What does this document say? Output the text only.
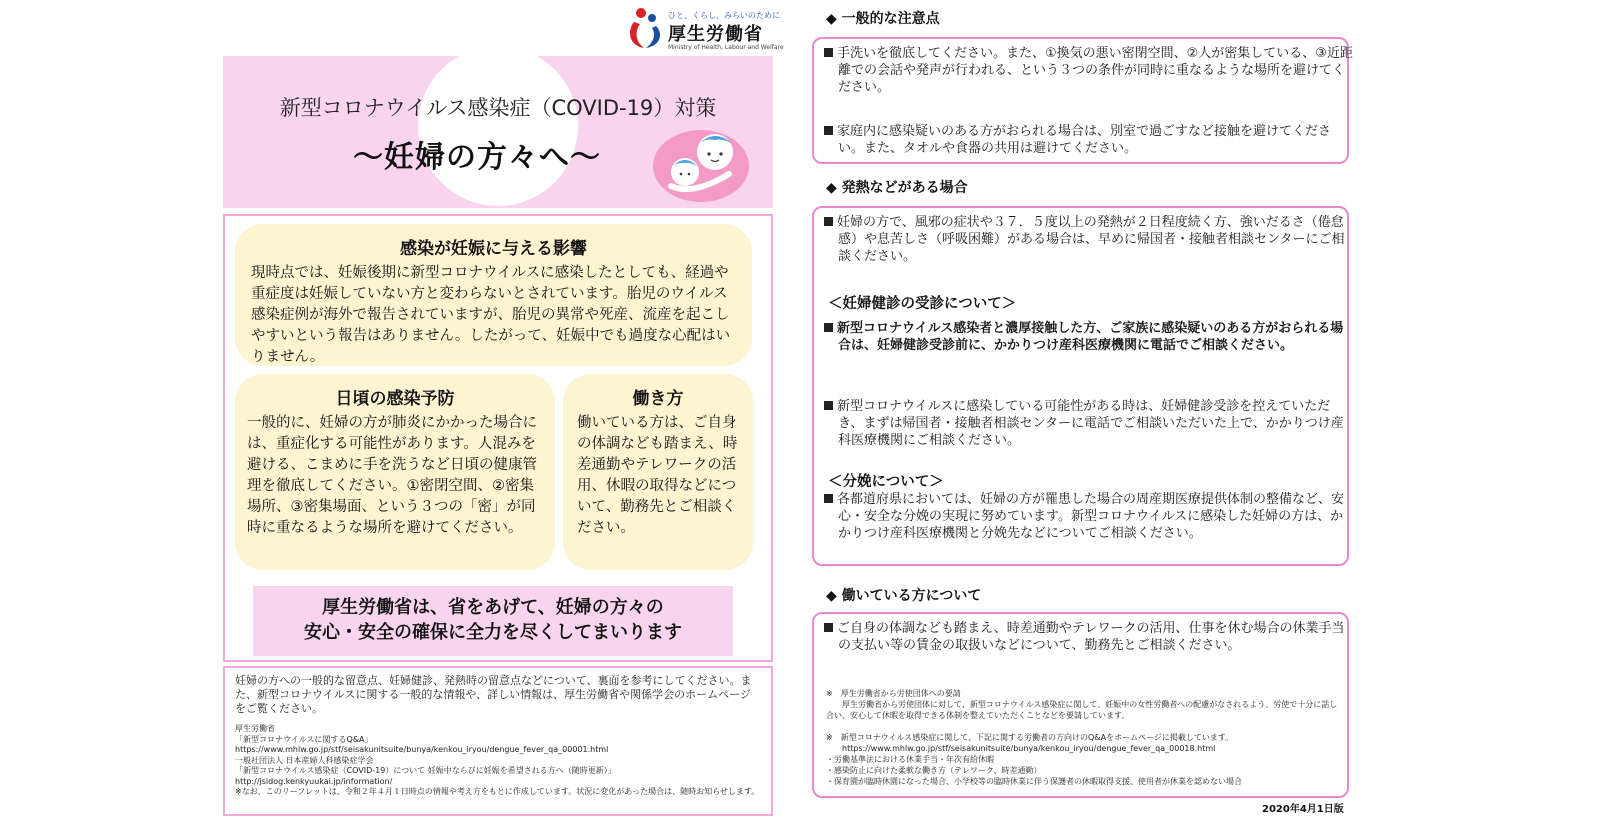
ひと、くらし、みらいのために
厚生労働省
Ministry of Health, Labour and Welfare
新型コロナウイルス感染症（COVID-19）対策
～妊婦の方々へ～
感染が妊娠に与える影響
現時点では、妊娠後期に新型コロナウイルスに感染したとしても、経過や重症度は妊娠していない方と変わらないとされています。胎児のウイルス感染症例が海外で報告されていますが、胎児の異常や死産、流産を起こしやすいという報告はありません。したがって、妊娠中でも過度な心配はいりません。
日頃の感染予防
一般的に、妊婦の方が肺炎にかかった場合には、重症化する可能性があります。人混みを避ける、こまめに手を洗うなど日頃の健康管理を徹底してください。①密閉空間、②密集場所、③密集場面、という３つの「密」が同時に重なるような場所を避けてください。
働き方
働いている方は、ご自身の体調なども踏まえ、時差通勤やテレワークの活用、休暇の取得などについて、勤務先とご相談ください。
厚生労働省は、省をあげて、妊婦の方々の
安心・安全の確保に全力を尽くしてまいります
妊婦の方への一般的な留意点、妊婦健診、発熱時の留意点などについて、裏面を参考にしてください。また、新型コロナウイルスに関する一般的な情報や、詳しい情報は、厚生労働省や関係学会のホームページをご覧ください。
厚生労働省
「新型コロナウイルスに関するQ&A」
https://www.mhlw.go.jp/stf/seisakunitsuite/bunya/kenkou_iryou/dengue_fever_qa_00001.html
一般社団法人 日本産婦人科感染症学会
「新型コロナウイルス感染症（COVID-19）について 妊娠中ならびに妊娠を希望される方へ（随時更新）」
http://jsidog.kenkyuukai.jp/information/
※なお、このリーフレットは、令和２年４月１日時点の情報や考え方をもとに作成しています。状況に変化があった場合は、随時お知らせします。
◆ 一般的な注意点
手洗いを徹底してください。また、①換気の悪い密閉空間、②人が密集している、③近距離での会話や発声が行われる、という３つの条件が同時に重なるような場所を避けてください。
家庭内に感染疑いのある方がおられる場合は、別室で過ごすなど接触を避けてください。また、タオルや食器の共用は避けてください。
◆ 発熱などがある場合
妊婦の方で、風邪の症状や３７．５度以上の発熱が２日程度続く方、強いだるさ（倦怠感）や息苦しさ（呼吸困難）がある場合は、早めに帰国者・接触者相談センターにご相談ください。
＜妊婦健診の受診について＞
新型コロナウイルス感染者と濃厚接触した方、ご家族に感染疑いのある方がおられる場合は、妊婦健診受診前に、かかりつけ産科医療機関に電話でご相談ください。
新型コロナウイルスに感染している可能性がある時は、妊婦健診受診を控えていただき、まずは帰国者・接触者相談センターに電話でご相談いただいた上で、かかりつけ産科医療機関にご相談ください。
＜分娩について＞
各都道府県においては、妊婦の方が罹患した場合の周産期医療提供体制の整備など、安心・安全な分娩の実現に努めています。新型コロナウイルスに感染した妊婦の方は、かかりつけ産科医療機関と分娩先などについてご相談ください。
◆ 働いている方について
ご自身の体調なども踏まえ、時差通勤やテレワークの活用、仕事を休む場合の休業手当の支払い等の賃金の取扱いなどについて、勤務先とご相談ください。
※　厚生労働省から労使団体への要請
　　厚生労働省から労使団体に対して、新型コロナウイルス感染症に関して、妊娠中の女性労働者への配慮がなされるよう、労使で十分に話し合い、安心して休暇を取得できる体制を整えていただくことなどを要請しています。
※　新型コロナウイルス感染症に関して、下記に関する労働者の方向けのQ&Aをホームページに掲載しています。
　　https://www.mhlw.go.jp/stf/seisakunitsuite/bunya/kenkou_iryou/dengue_fever_qa_00018.html
・労働基準法における休業手当・年次有給休暇
・感染防止に向けた柔軟な働き方（テレワーク、時差通勤）
・保育園が臨時休園になった場合、小学校等の臨時休業に伴う保護者の休暇取得支援、使用者が休業を認めない場合
2020年4月1日版
